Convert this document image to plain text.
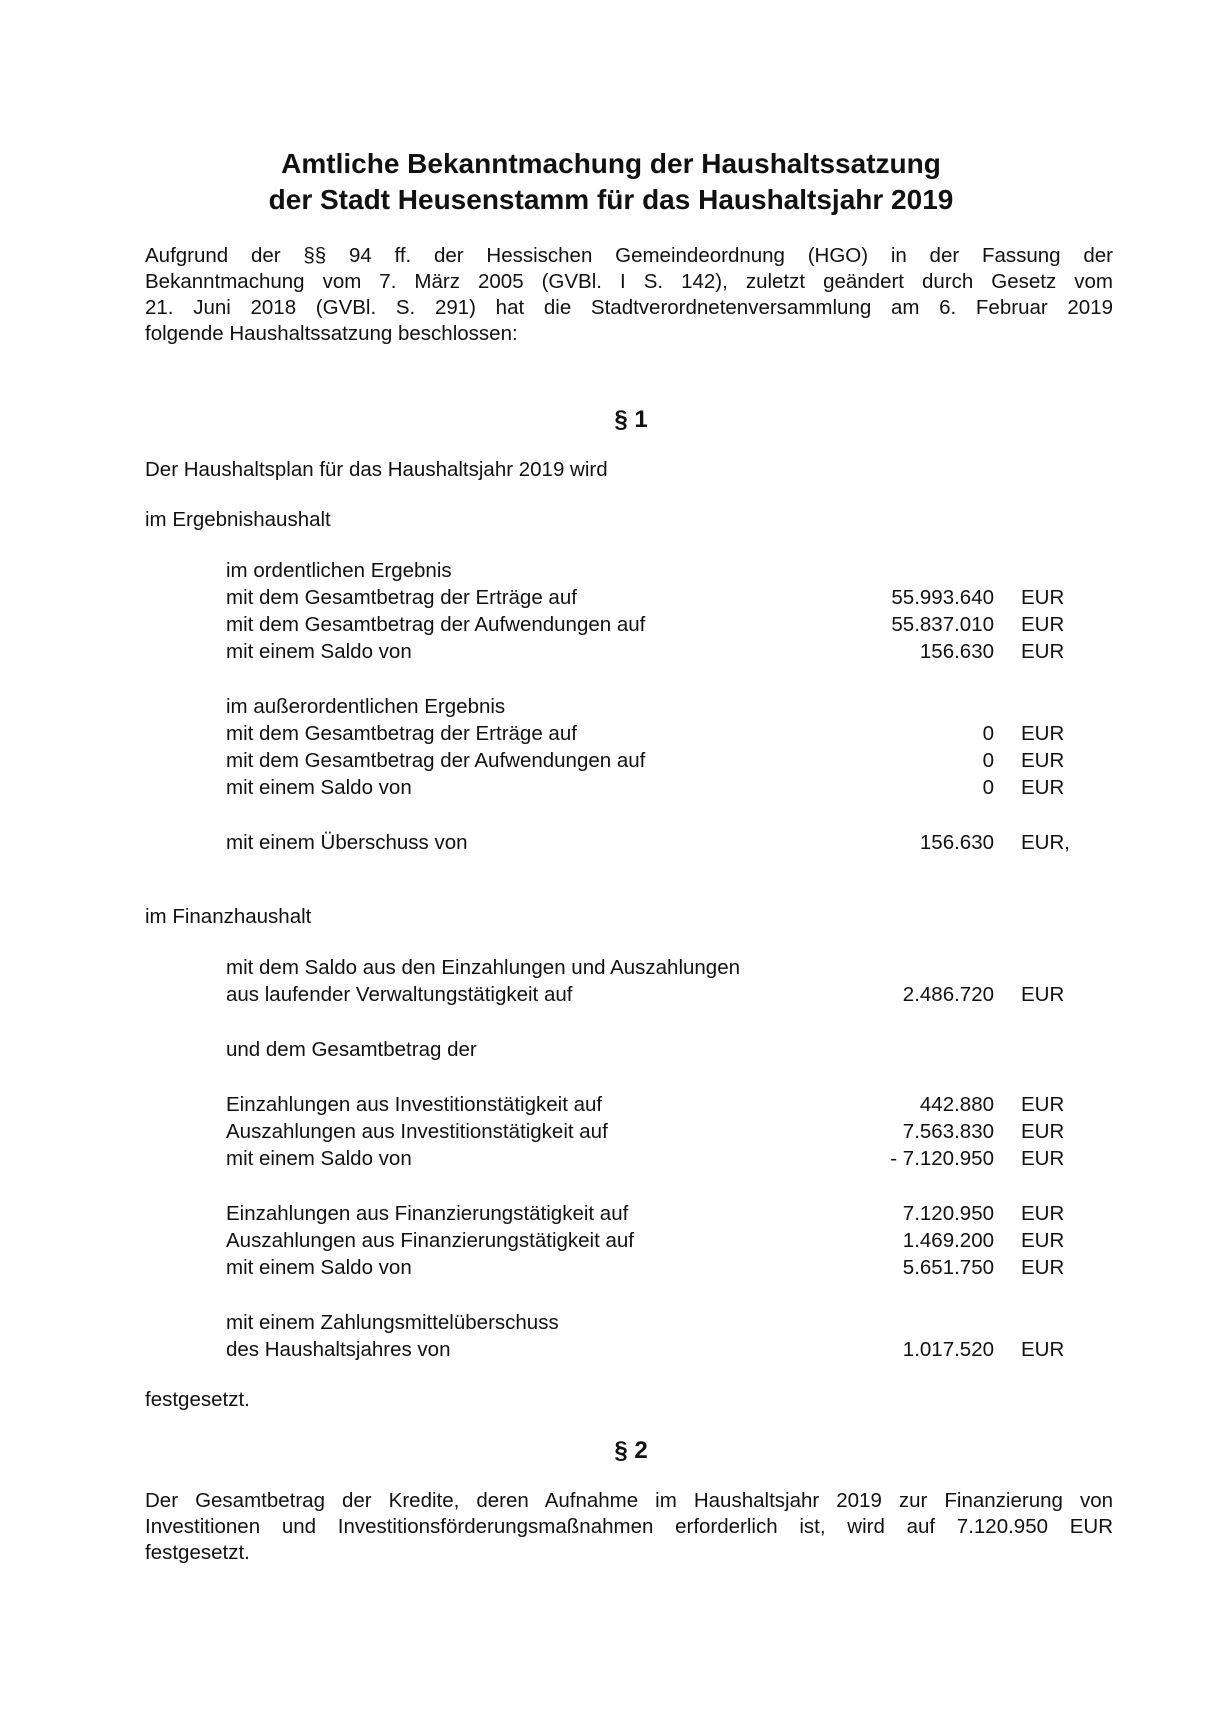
Amtliche Bekanntmachung der Haushaltssatzung
der Stadt Heusenstamm für das Haushaltsjahr 2019
Aufgrund der §§ 94 ff. der Hessischen Gemeindeordnung (HGO) in der Fassung der
Bekanntmachung vom 7. März 2005 (GVBl. I S. 142), zuletzt geändert durch Gesetz vom
21. Juni 2018 (GVBl. S. 291) hat die Stadtverordnetenversammlung am 6. Februar 2019
folgende Haushaltssatzung beschlossen:
§ 1
Der Haushaltsplan für das Haushaltsjahr 2019 wird
im Ergebnishaushalt
im ordentlichen Ergebnis
mit dem Gesamtbetrag der Erträge auf	55.993.640 EUR
mit dem Gesamtbetrag der Aufwendungen auf	55.837.010 EUR
mit einem Saldo von	156.630 EUR
im außerordentlichen Ergebnis
mit dem Gesamtbetrag der Erträge auf	0 EUR
mit dem Gesamtbetrag der Aufwendungen auf	0 EUR
mit einem Saldo von	0 EUR
mit einem Überschuss von	156.630 EUR,
im Finanzhaushalt
mit dem Saldo aus den Einzahlungen und Auszahlungen
aus laufender Verwaltungstätigkeit auf	2.486.720 EUR
und dem Gesamtbetrag der
Einzahlungen aus Investitionstätigkeit auf	442.880 EUR
Auszahlungen aus Investitionstätigkeit auf	7.563.830 EUR
mit einem Saldo von	- 7.120.950 EUR
Einzahlungen aus Finanzierungstätigkeit auf	7.120.950 EUR
Auszahlungen aus Finanzierungstätigkeit auf	1.469.200 EUR
mit einem Saldo von	5.651.750 EUR
mit einem Zahlungsmittelüberschuss
des Haushaltsjahres von	1.017.520 EUR
festgesetzt.
§ 2
Der Gesamtbetrag der Kredite, deren Aufnahme im Haushaltsjahr 2019 zur Finanzierung von
Investitionen und Investitionsförderungsmaßnahmen erforderlich ist, wird auf 7.120.950 EUR
festgesetzt.
